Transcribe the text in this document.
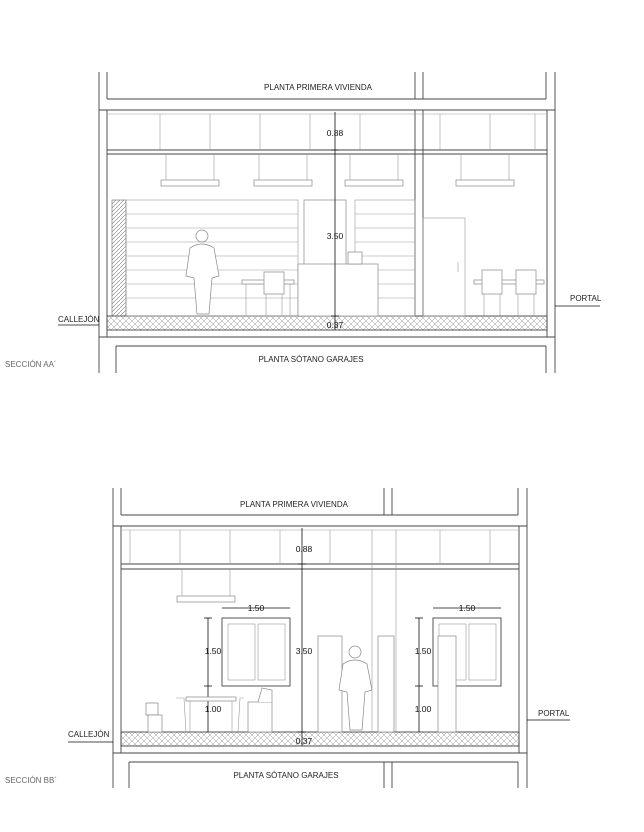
PLANTA PRIMERA VIVIENDA
PLANTA SÓTANO GARAJES
0.88
3.50
0.37
CALLEJÓN
PORTAL
SECCIÓN AA´
PLANTA PRIMERA VIVIENDA
PLANTA SÓTANO GARAJES
0.88
3.50
0.37
1.50
1.50
1.00
1.50
1.50
1.00
CALLEJÓN
PORTAL
SECCIÓN BB´
